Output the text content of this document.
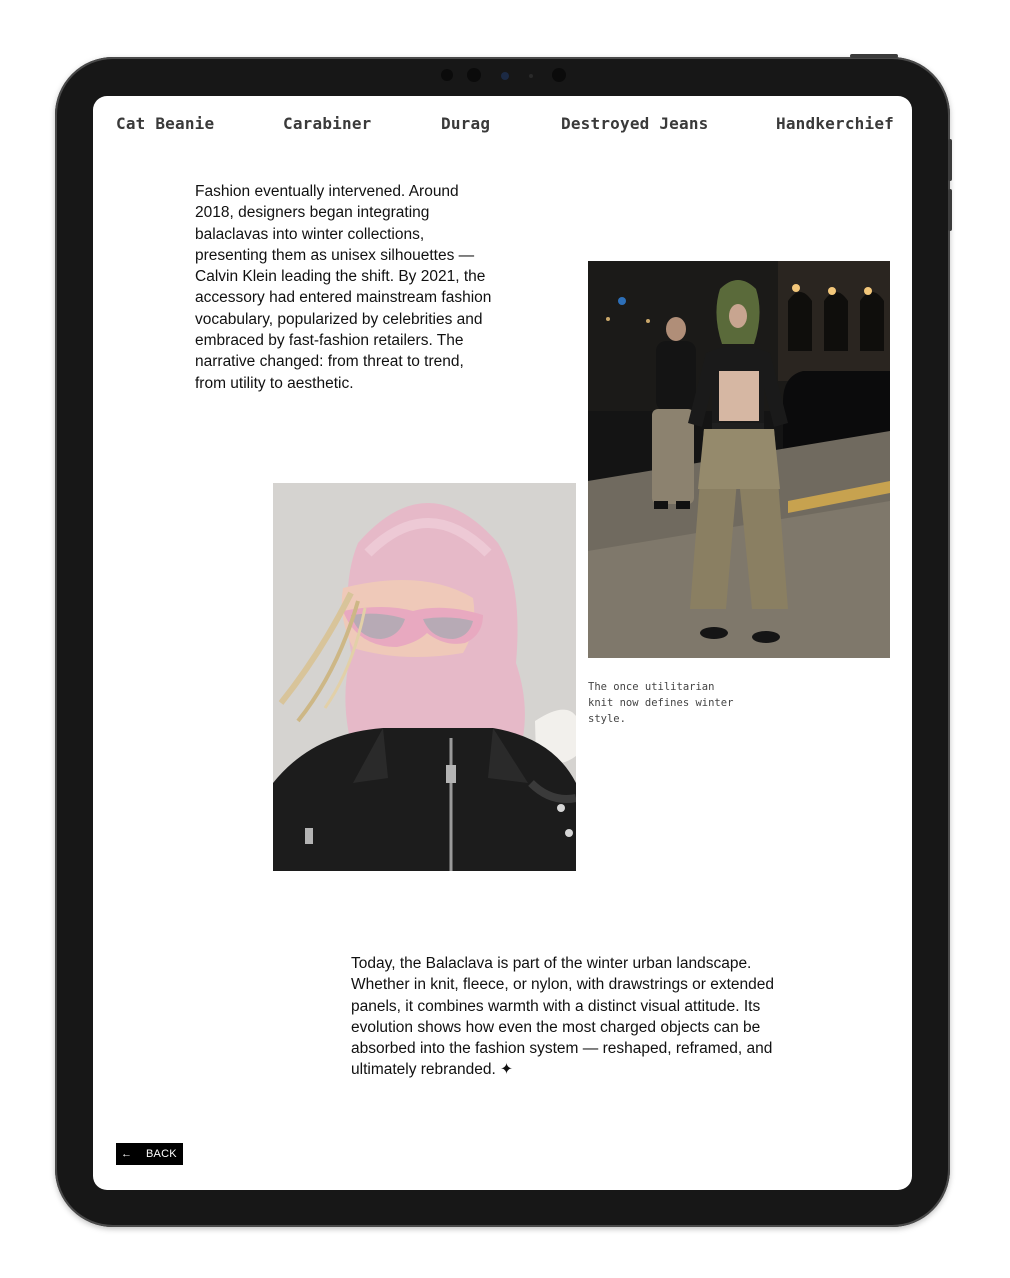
Cat Beanie	Carabiner	Durag	Destroyed Jeans	Handkerchief

Fashion eventually intervened. Around 2018, designers began integrating balaclavas into winter collections, presenting them as unisex silhouettes — Calvin Klein leading the shift. By 2021, the accessory had entered mainstream fashion vocabulary, popularized by celebrities and embraced by fast-fashion retailers. The narrative changed: from threat to trend, from utility to aesthetic.

The once utilitarian knit now defines winter style.

Today, the Balaclava is part of the winter urban landscape. Whether in knit, fleece, or nylon, with drawstrings or extended panels, it combines warmth with a distinct visual attitude. Its evolution shows how even the most charged objects can be absorbed into the fashion system — reshaped, reframed, and ultimately rebranded. ✦

← BACK
